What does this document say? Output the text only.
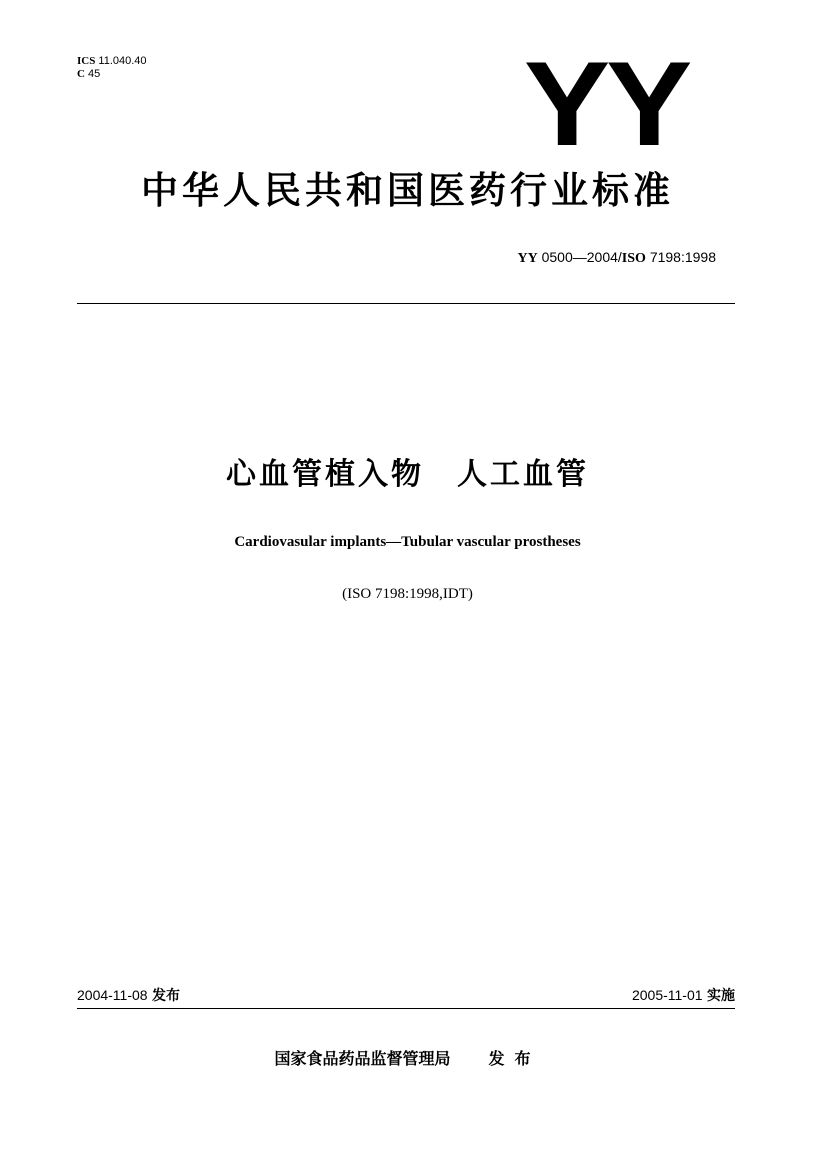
ICS 11.040.40
C 45	YY
中华人民共和国医药行业标准
YY 0500—2004/ISO 7198:1998
心血管植入物　人工血管
Cardiovasular implants—Tubular vascular prostheses
(ISO 7198:1998,IDT)
2004-11-08 发布	2005-11-01 实施
国家食品药品监督管理局 发布
